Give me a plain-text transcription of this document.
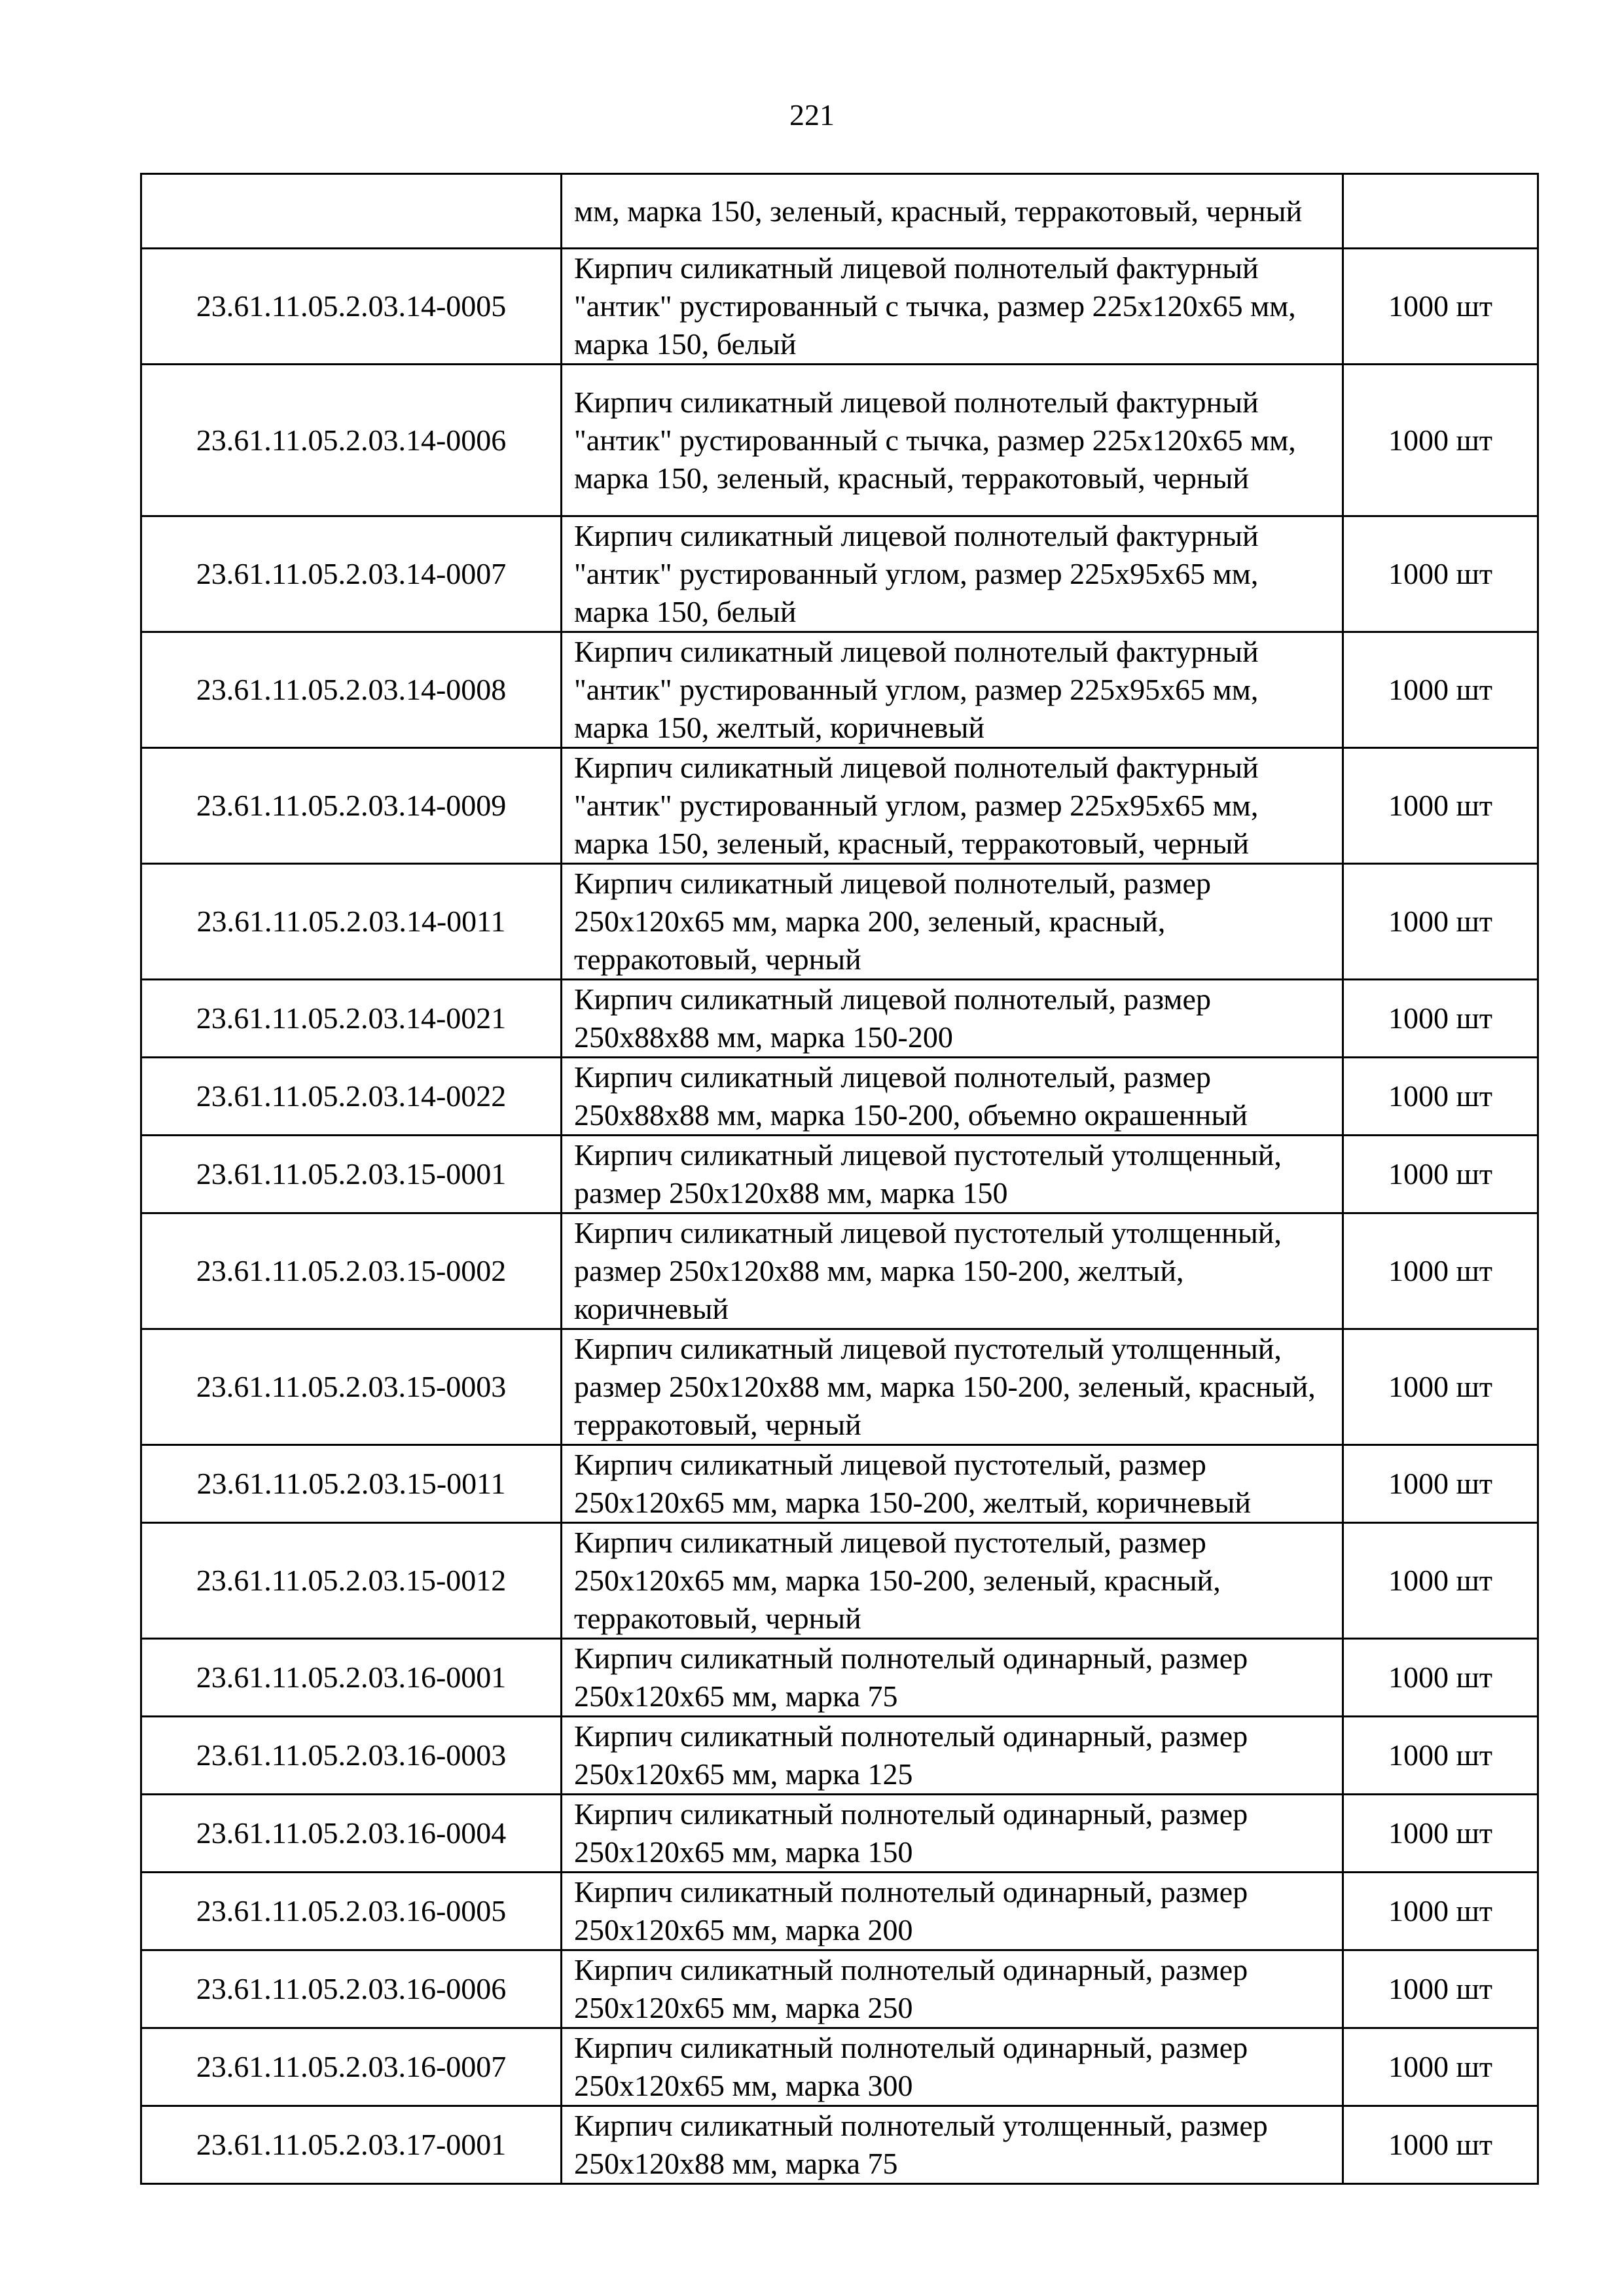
221
	мм, марка 150, зеленый, красный, терракотовый, черный	
23.61.11.05.2.03.14-0005	Кирпич силикатный лицевой полнотелый фактурный "антик" рустированный с тычка, размер 225x120x65 мм, марка 150, белый	1000 шт
23.61.11.05.2.03.14-0006	Кирпич силикатный лицевой полнотелый фактурный "антик" рустированный с тычка, размер 225x120x65 мм, марка 150, зеленый, красный, терракотовый, черный	1000 шт
23.61.11.05.2.03.14-0007	Кирпич силикатный лицевой полнотелый фактурный "антик" рустированный углом, размер 225x95x65 мм, марка 150, белый	1000 шт
23.61.11.05.2.03.14-0008	Кирпич силикатный лицевой полнотелый фактурный "антик" рустированный углом, размер 225x95x65 мм, марка 150, желтый, коричневый	1000 шт
23.61.11.05.2.03.14-0009	Кирпич силикатный лицевой полнотелый фактурный "антик" рустированный углом, размер 225x95x65 мм, марка 150, зеленый, красный, терракотовый, черный	1000 шт
23.61.11.05.2.03.14-0011	Кирпич силикатный лицевой полнотелый, размер 250x120x65 мм, марка 200, зеленый, красный, терракотовый, черный	1000 шт
23.61.11.05.2.03.14-0021	Кирпич силикатный лицевой полнотелый, размер 250x88x88 мм, марка 150-200	1000 шт
23.61.11.05.2.03.14-0022	Кирпич силикатный лицевой полнотелый, размер 250x88x88 мм, марка 150-200, объемно окрашенный	1000 шт
23.61.11.05.2.03.15-0001	Кирпич силикатный лицевой пустотелый утолщенный, размер 250x120x88 мм, марка 150	1000 шт
23.61.11.05.2.03.15-0002	Кирпич силикатный лицевой пустотелый утолщенный, размер 250x120x88 мм, марка 150-200, желтый, коричневый	1000 шт
23.61.11.05.2.03.15-0003	Кирпич силикатный лицевой пустотелый утолщенный, размер 250x120x88 мм, марка 150-200, зеленый, красный, терракотовый, черный	1000 шт
23.61.11.05.2.03.15-0011	Кирпич силикатный лицевой пустотелый, размер 250x120x65 мм, марка 150-200, желтый, коричневый	1000 шт
23.61.11.05.2.03.15-0012	Кирпич силикатный лицевой пустотелый, размер 250x120x65 мм, марка 150-200, зеленый, красный, терракотовый, черный	1000 шт
23.61.11.05.2.03.16-0001	Кирпич силикатный полнотелый одинарный, размер 250x120x65 мм, марка 75	1000 шт
23.61.11.05.2.03.16-0003	Кирпич силикатный полнотелый одинарный, размер 250x120x65 мм, марка 125	1000 шт
23.61.11.05.2.03.16-0004	Кирпич силикатный полнотелый одинарный, размер 250x120x65 мм, марка 150	1000 шт
23.61.11.05.2.03.16-0005	Кирпич силикатный полнотелый одинарный, размер 250x120x65 мм, марка 200	1000 шт
23.61.11.05.2.03.16-0006	Кирпич силикатный полнотелый одинарный, размер 250x120x65 мм, марка 250	1000 шт
23.61.11.05.2.03.16-0007	Кирпич силикатный полнотелый одинарный, размер 250x120x65 мм, марка 300	1000 шт
23.61.11.05.2.03.17-0001	Кирпич силикатный полнотелый утолщенный, размер 250x120x88 мм, марка 75	1000 шт
